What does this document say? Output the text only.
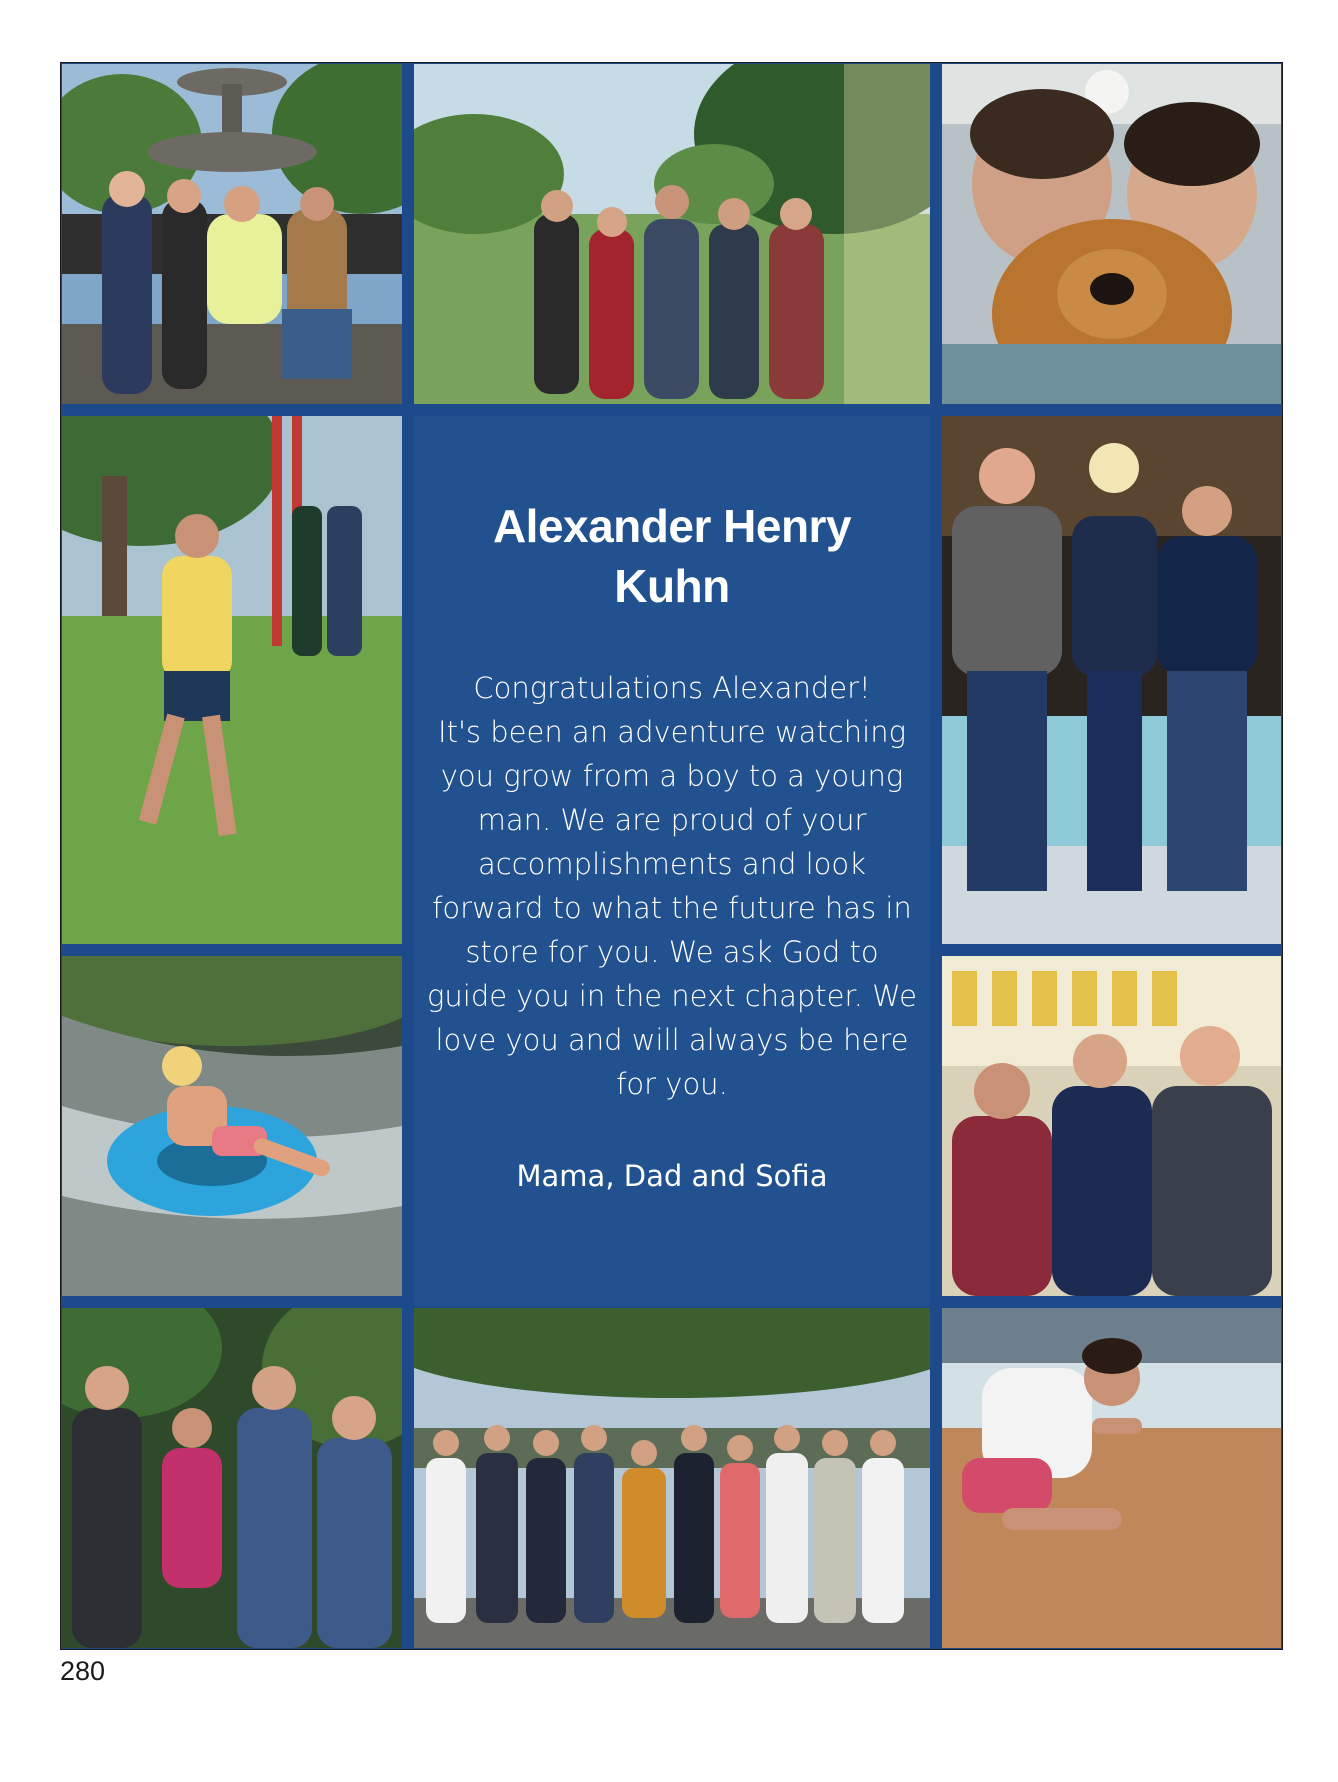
Alexander Henry
Kuhn
Congratulations Alexander!
It's been an adventure watching
you grow from a boy to a young
man. We are proud of your
accomplishments and look
forward to what the future has in
store for you. We ask God to
guide you in the next chapter. We
love you and will always be here
for you.
Mama, Dad and Sofia
280
